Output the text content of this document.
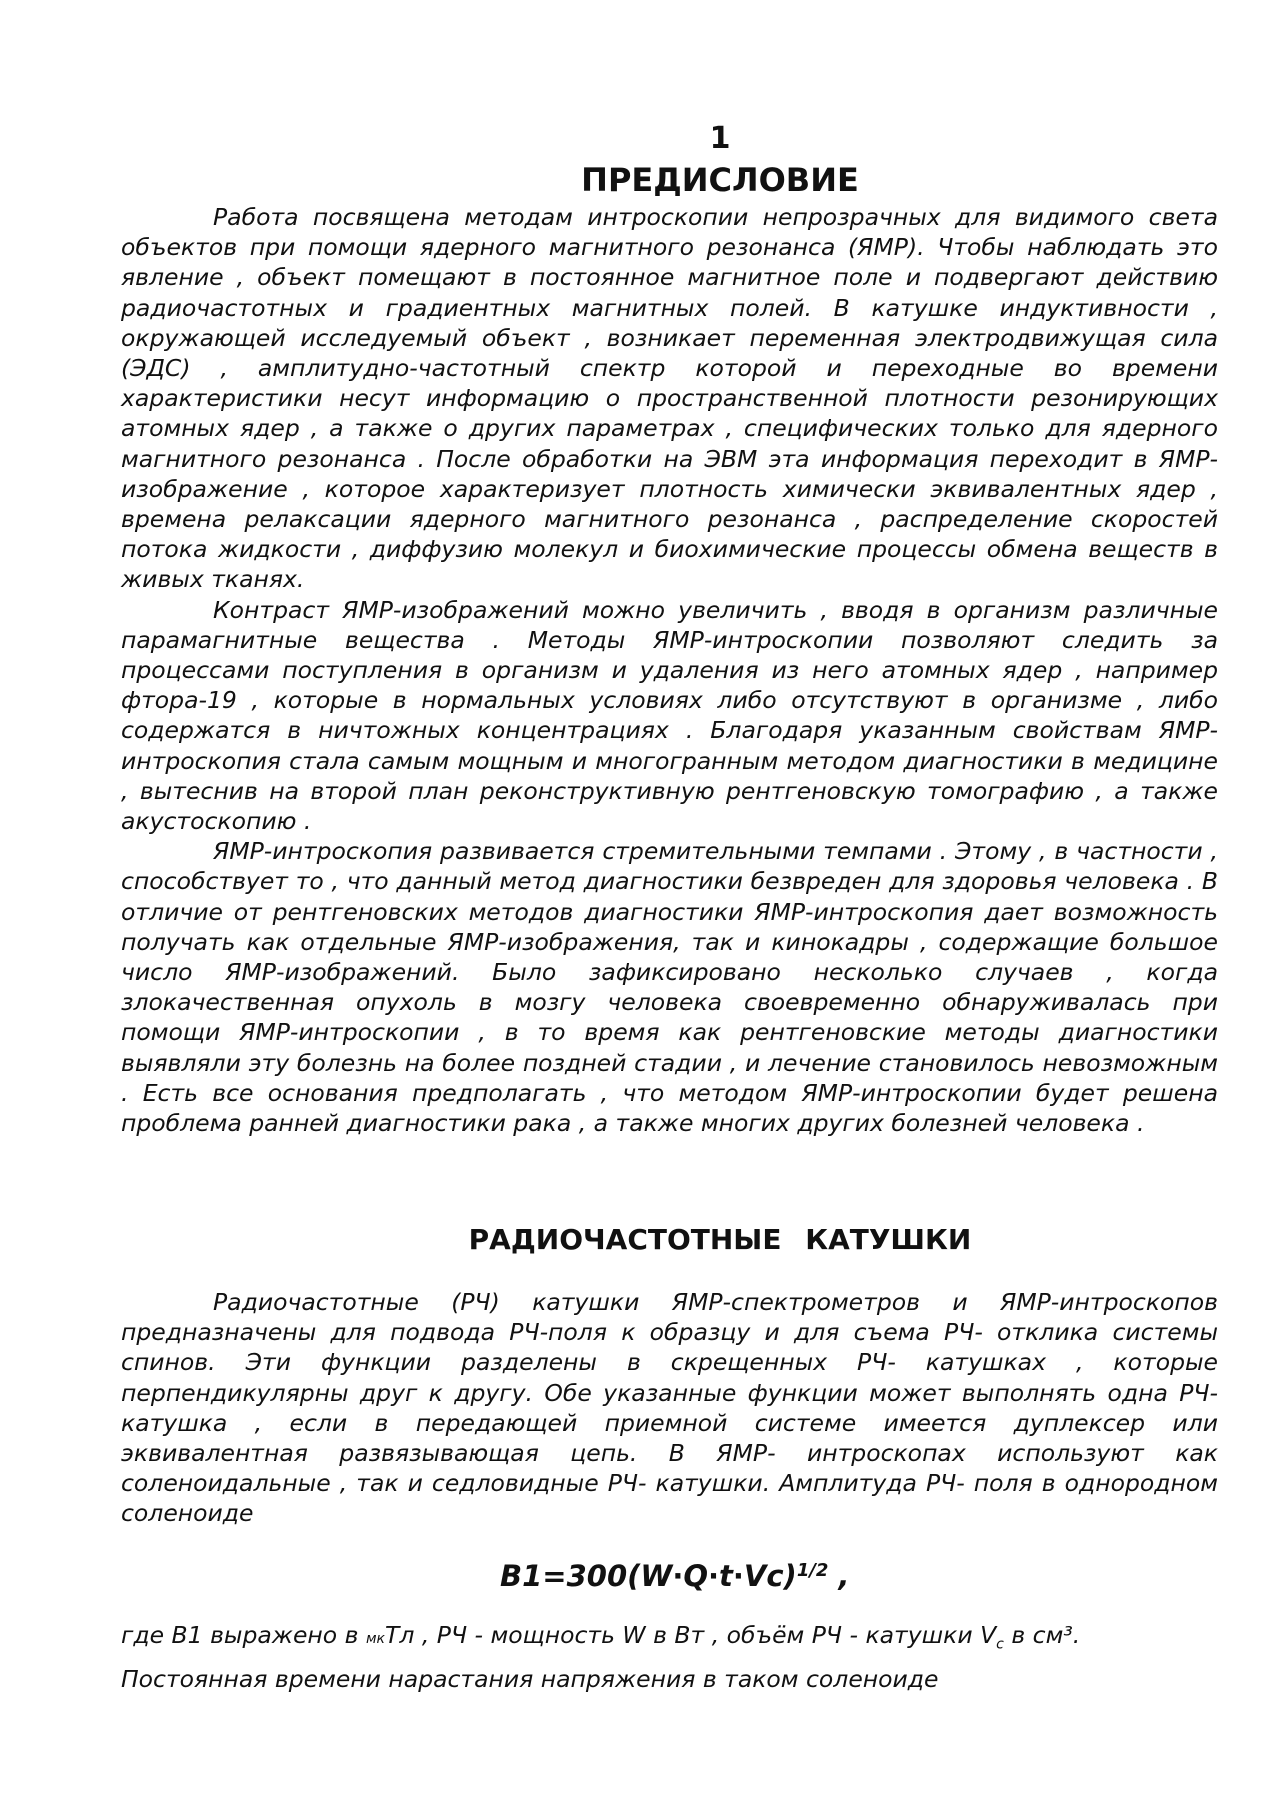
1
ПРЕДИСЛОВИЕ

Работа посвящена методам интроскопии непрозрачных для видимого света объектов при помощи ядерного магнитного резонанса (ЯМР). Чтобы наблюдать это явление , объект помещают в постоянное магнитное поле и подвергают действию радиочастотных и градиентных магнитных полей. В катушке индуктивности , окружающей исследуемый объект , возникает переменная электродвижущая сила (ЭДС) , амплитудно-частотный спектр которой и переходные во времени характеристики несут информацию о пространственной плотности резонирующих атомных ядер , а также о других параметрах , специфических только для ядерного магнитного резонанса . После обработки на ЭВМ эта информация переходит в ЯМР-изображение , которое характеризует плотность химически эквивалентных ядер , времена релаксации ядерного магнитного резонанса , распределение скоростей потока жидкости , диффузию молекул и биохимические процессы обмена веществ в живых тканях.

Контраст ЯМР-изображений можно увеличить , вводя в организм различные парамагнитные вещества . Методы ЯМР-интроскопии позволяют следить за процессами поступления в организм и удаления из него атомных ядер , например фтора-19 , которые в нормальных условиях либо отсутствуют в организме , либо содержатся в ничтожных концентрациях . Благодаря указанным свойствам ЯМР-интроскопия стала самым мощным и многогранным методом диагностики в медицине , вытеснив на второй план реконструктивную рентгеновскую томографию , а также акустоскопию .

ЯМР-интроскопия развивается стремительными темпами . Этому , в частности , способствует то , что данный метод диагностики безвреден для здоровья человека . В отличие от рентгеновских методов диагностики ЯМР-интроскопия дает возможность получать как отдельные ЯМР-изображения, так и кинокадры , содержащие большое число ЯМР-изображений. Было зафиксировано несколько случаев , когда злокачественная опухоль в мозгу человека своевременно обнаруживалась при помощи ЯМР-интроскопии , в то время как рентгеновские методы диагностики выявляли эту болезнь на более поздней стадии , и лечение становилось невозможным . Есть все основания предполагать , что методом ЯМР-интроскопии будет решена проблема ранней диагностики рака , а также многих других болезней человека .

РАДИОЧАСТОТНЫЕ КАТУШКИ

Радиочастотные (РЧ) катушки ЯМР-спектрометров и ЯМР-интроскопов предназначены для подвода РЧ-поля к образцу и для съема РЧ- отклика системы спинов. Эти функции разделены в скрещенных РЧ- катушках , которые перпендикулярны друг к другу. Обе указанные функции может выполнять одна РЧ- катушка , если в передающей приемной системе имеется дуплексер или эквивалентная развязывающая цепь. В ЯМР- интроскопах используют как соленоидальные , так и седловидные РЧ- катушки. Амплитуда РЧ- поля в однородном соленоиде

$B1=300(W\cdot Q\cdot t\cdot Vc)^{1/2}$ ,

где В1 выражено в мкТл , РЧ - мощность W в Вт , объём РЧ - катушки $V_c$ в см³.

Постоянная времени нарастания напряжения в таком соленоиде
